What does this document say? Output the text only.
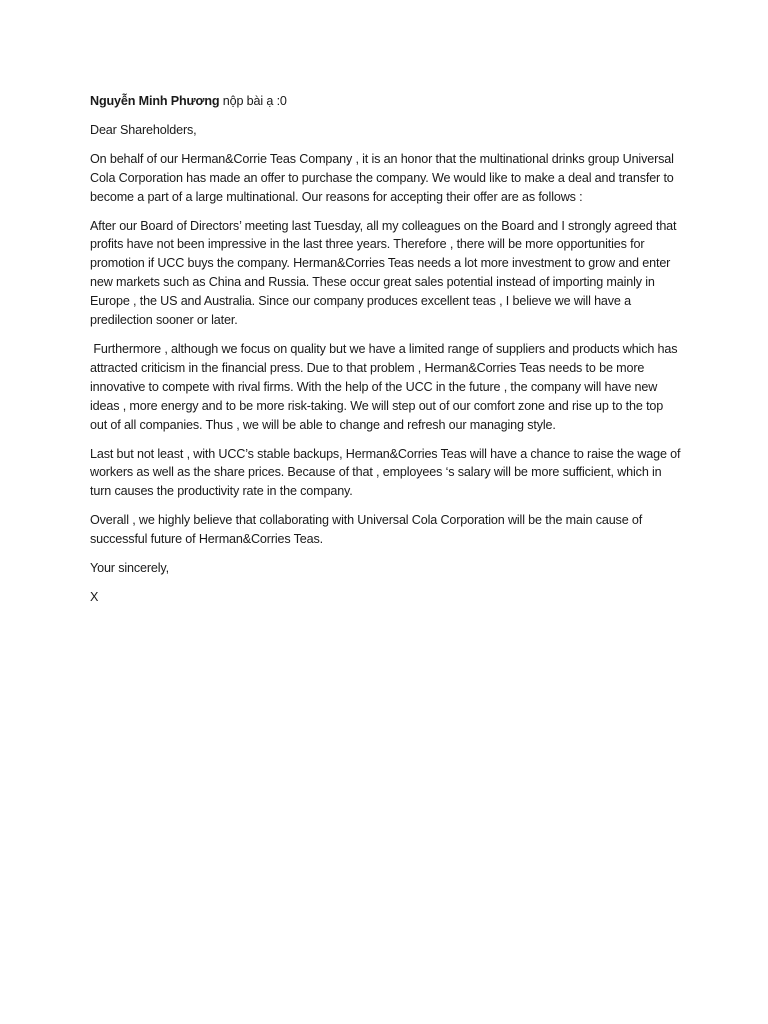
Nguyễn Minh Phương nộp bài ạ :0

Dear Shareholders,

On behalf of our Herman&Corrie Teas Company , it is an honor that the multinational drinks group Universal Cola Corporation has made an offer to purchase the company. We would like to make a deal and transfer to become a part of a large multinational. Our reasons for accepting their offer are as follows :

After our Board of Directors’ meeting last Tuesday, all my colleagues on the Board and I strongly agreed that profits have not been impressive in the last three years. Therefore , there will be more opportunities for promotion if UCC buys the company. Herman&Corries Teas needs a lot more investment to grow and enter new markets such as China and Russia. These occur great sales potential instead of importing mainly in Europe , the US and Australia. Since our company produces excellent teas , I believe we will have a predilection sooner or later.

Furthermore , although we focus on quality but we have a limited range of suppliers and products which has attracted criticism in the financial press. Due to that problem , Herman&Corries Teas needs to be more innovative to compete with rival firms. With the help of the UCC in the future , the company will have new ideas , more energy and to be more risk-taking. We will step out of our comfort zone and rise up to the top out of all companies. Thus , we will be able to change and refresh our managing style.

Last but not least , with UCC’s stable backups, Herman&Corries Teas will have a chance to raise the wage of workers as well as the share prices. Because of that , employees ‘s salary will be more sufficient, which in turn causes the productivity rate in the company.

Overall , we highly believe that collaborating with Universal Cola Corporation will be the main cause of successful future of Herman&Corries Teas.

Your sincerely,

X
